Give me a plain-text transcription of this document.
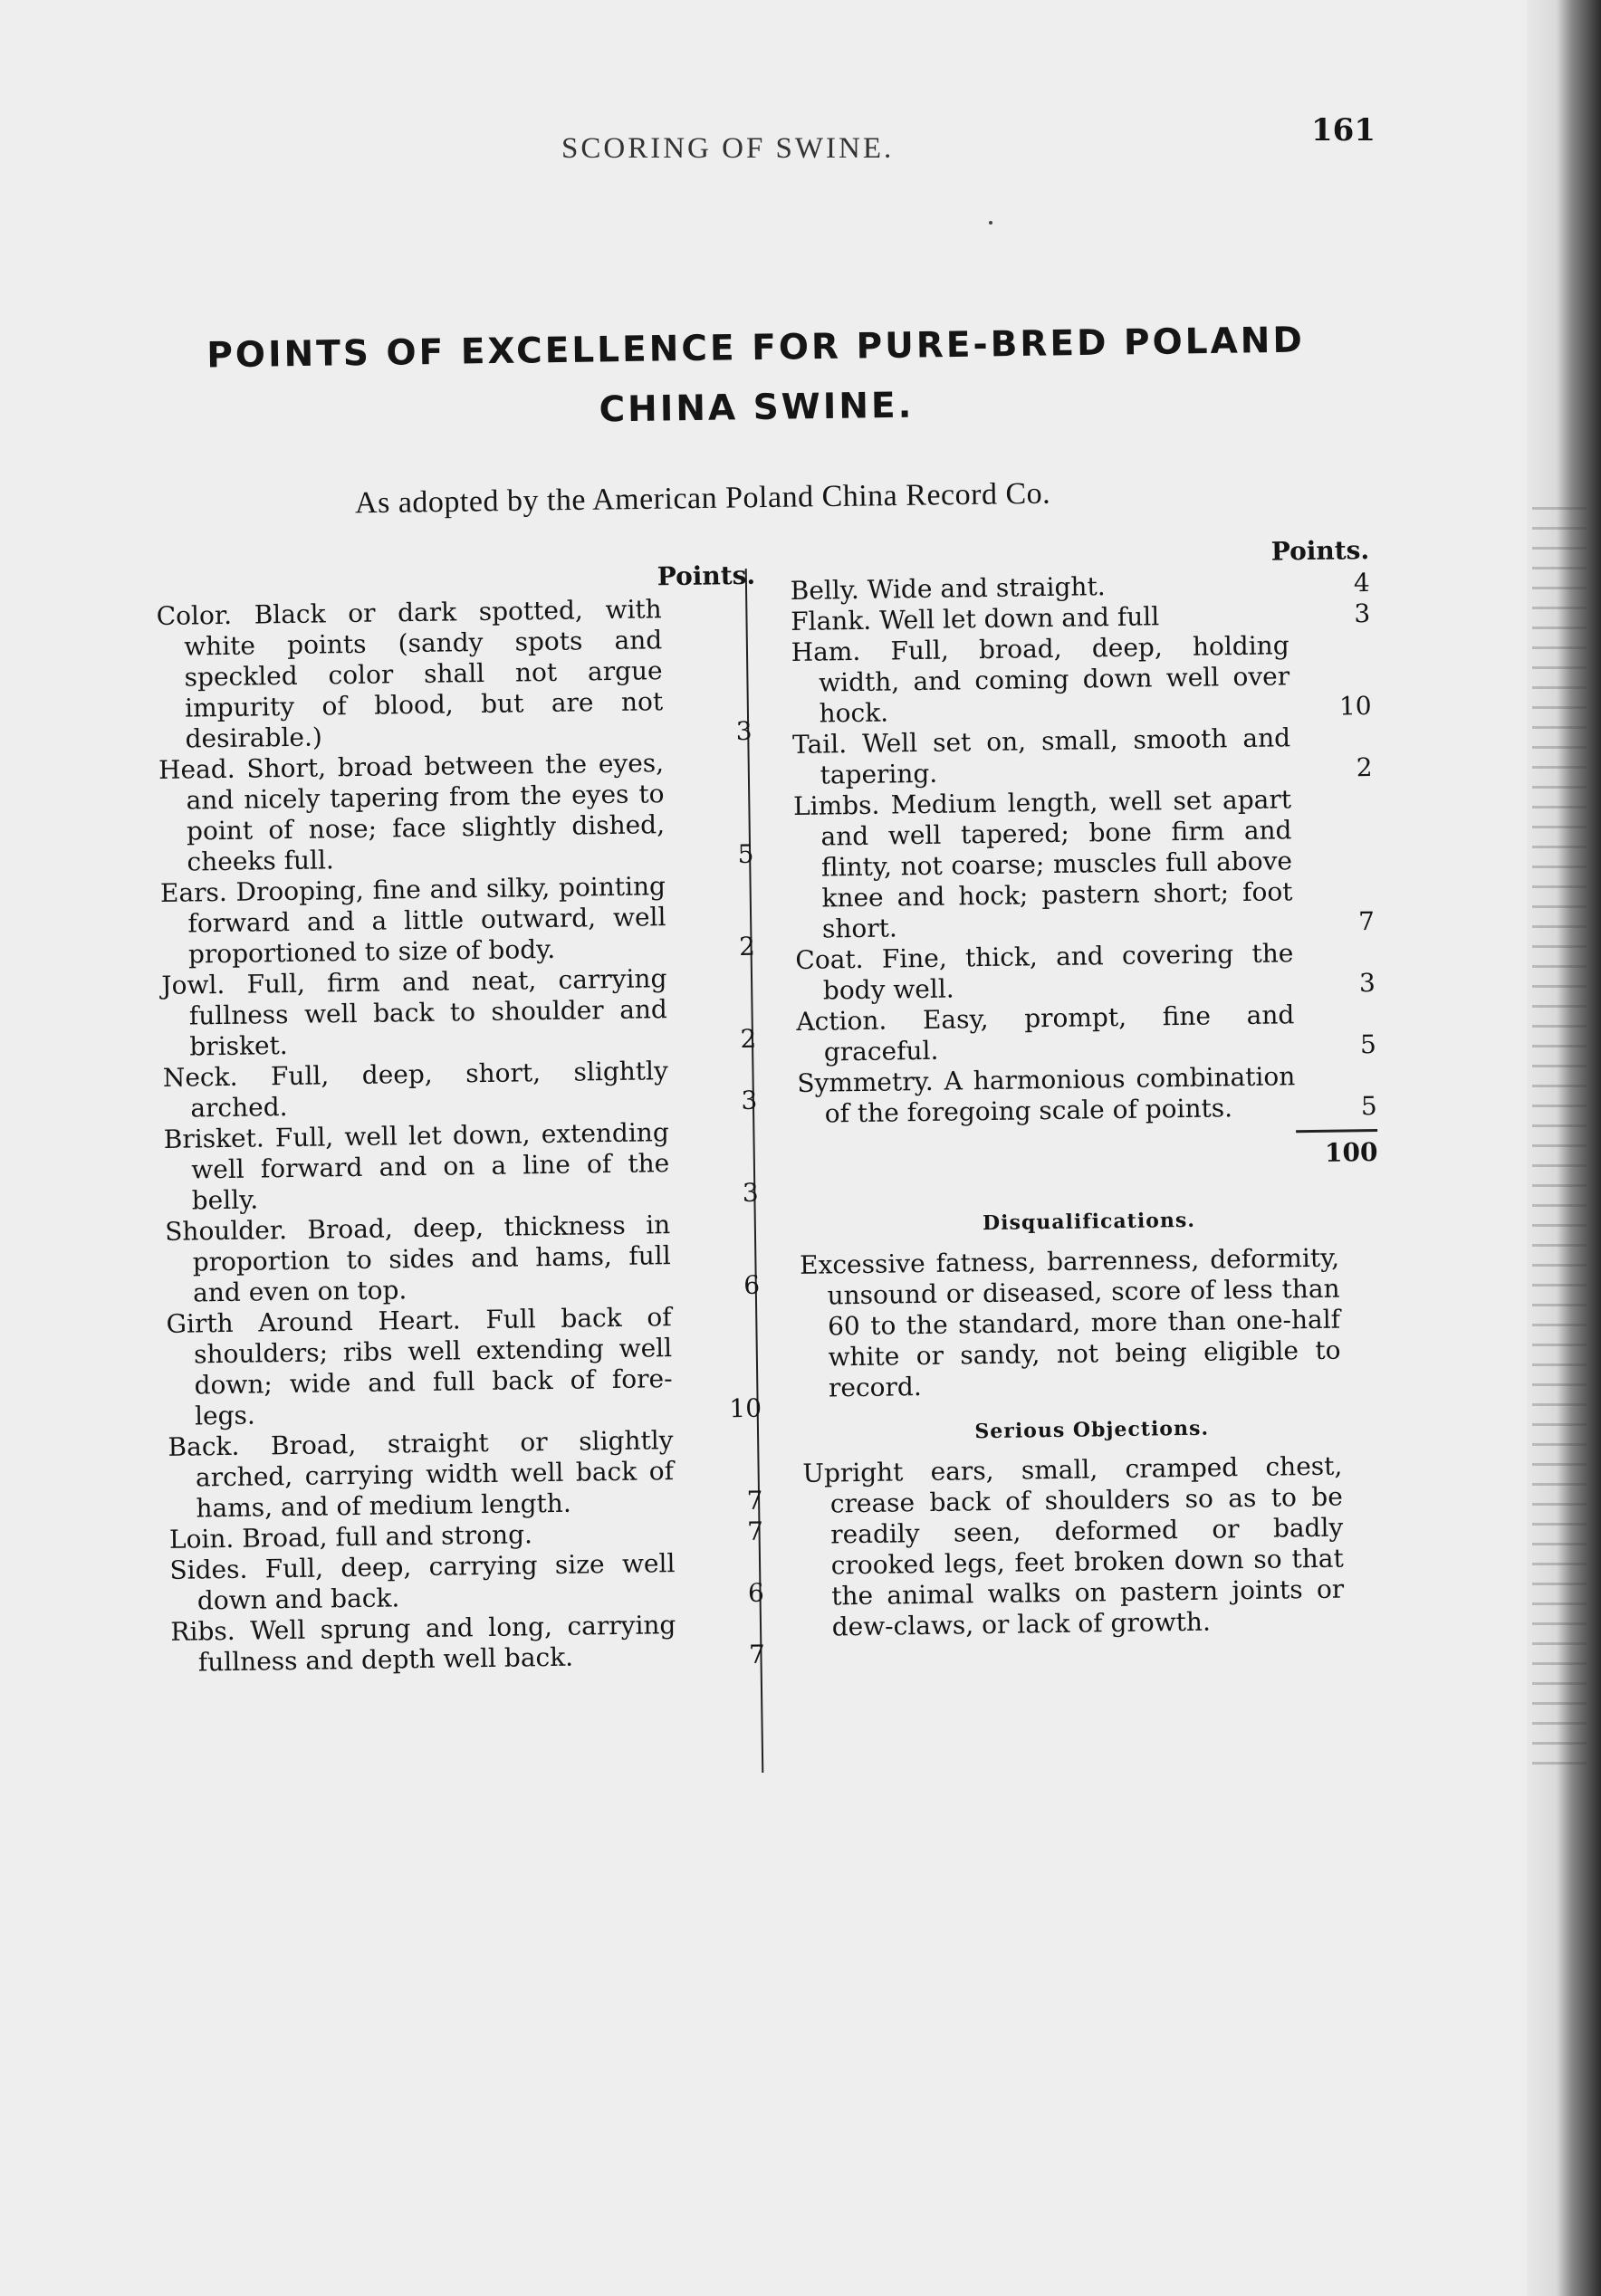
SCORING OF SWINE.	161
POINTS OF EXCELLENCE FOR PURE-BRED POLAND CHINA SWINE.
As adopted by the American Poland China Record Co.
Points.
Color. Black or dark spotted, with white points (sandy spots and speckled color shall not argue impurity of blood, but are not desirable.)	3
Head. Short, broad between the eyes, and nicely tapering from the eyes to point of nose; face slightly dished, cheeks full.	5
Ears. Drooping, fine and silky, pointing forward and a little outward, well proportioned to size of body.	2
Jowl. Full, firm and neat, carrying fullness well back to shoulder and brisket.	2
Neck. Full, deep, short, slightly arched.	3
Brisket. Full, well let down, extending well forward and on a line of the belly.	3
Shoulder. Broad, deep, thickness in proportion to sides and hams, full and even on top.	6
Girth Around Heart. Full back of shoulders; ribs well extending well down; wide and full back of fore-legs.	10
Back. Broad, straight or slightly arched, carrying width well back of hams, and of medium length.	7
Loin. Broad, full and strong.	7
Sides. Full, deep, carrying size well down and back.	6
Ribs. Well sprung and long, carrying fullness and depth well back.	7
Points.
Belly. Wide and straight.	4
Flank. Well let down and full	3
Ham. Full, broad, deep, holding width, and coming down well over hock.	10
Tail. Well set on, small, smooth and tapering.	2
Limbs. Medium length, well set apart and well tapered; bone firm and flinty, not coarse; muscles full above knee and hock; pastern short; foot short.	7
Coat. Fine, thick, and covering the body well.	3
Action. Easy, prompt, fine and graceful.	5
Symmetry. A harmonious combination of the foregoing scale of points.	5
100
Disqualifications.
Excessive fatness, barrenness, deformity, unsound or diseased, score of less than 60 to the standard, more than one-half white or sandy, not being eligible to record.
Serious Objections.
Upright ears, small, cramped chest, crease back of shoulders so as to be readily seen, deformed or badly crooked legs, feet broken down so that the animal walks on pastern joints or dew-claws, or lack of growth.
